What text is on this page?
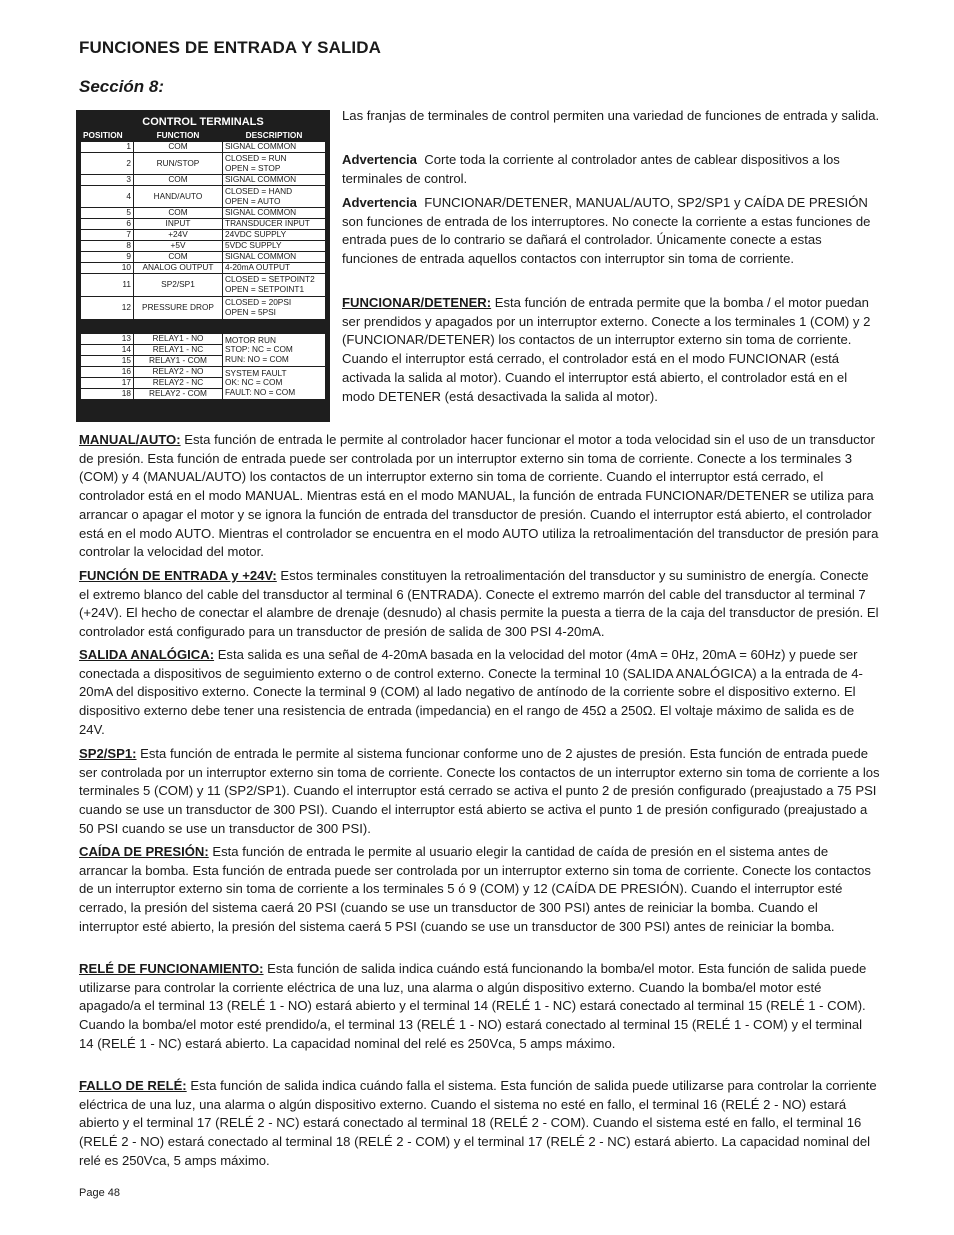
FUNCIONES DE ENTRADA Y SALIDA
Sección 8:
CONTROL TERMINALS
POSITION	FUNCTION	DESCRIPTION
1	COM	SIGNAL COMMON

2	RUN/STOP	CLOSED = RUN
OPEN = STOP

3	COM	SIGNAL COMMON

4	HAND/AUTO	CLOSED = HAND
OPEN = AUTO

5	COM	SIGNAL COMMON

6	INPUT	TRANSDUCER INPUT

7	+24V	24VDC SUPPLY

8	+5V	5VDC SUPPLY

9	COM	SIGNAL COMMON

10	ANALOG OUTPUT	4-20mA OUTPUT

11	SP2/SP1	CLOSED = SETPOINT2
OPEN = SETPOINT1

12	PRESSURE DROP	CLOSED = 20PSI
OPEN = 5PSI
13	RELAY1 - NO	MOTOR RUN
STOP: NC = COM
RUN: NO = COM

14	RELAY1 - NC	
15	RELAY1 - COM	
16	RELAY2 - NO	SYSTEM FAULT
OK: NC = COM
FAULT: NO = COM

17	RELAY2 - NC	
18	RELAY2 - COM	
Las franjas de terminales de control permiten una variedad de funciones de entrada y salida.
Advertencia Corte toda la corriente al controlador antes de cablear dispositivos a los terminales de control.
Advertencia FUNCIONAR/DETENER, MANUAL/AUTO, SP2/SP1 y CAÍDA DE PRESIÓN son funciones de entrada de los interruptores. No conecte la corriente a estas funciones de entrada pues de lo contrario se dañará el controlador. Únicamente conecte a estas funciones de entrada aquellos contactos con interruptor sin toma de corriente.
FUNCIONAR/DETENER: Esta función de entrada permite que la bomba / el motor puedan ser prendidos y apagados por un interruptor externo. Conecte a los terminales 1 (COM) y 2 (FUNCIONAR/DETENER) los contactos de un interruptor externo sin toma de corriente. Cuando el interruptor está cerrado, el controlador está en el modo FUNCIONAR (está activada la salida al motor). Cuando el interruptor está abierto, el controlador está en el modo DETENER (está desactivada la salida al motor).
MANUAL/AUTO: Esta función de entrada le permite al controlador hacer funcionar el motor a toda velocidad sin el uso de un transductor de presión. Esta función de entrada puede ser controlada por un interruptor externo sin toma de corriente. Conecte a los terminales 3 (COM) y 4 (MANUAL/AUTO) los contactos de un interruptor externo sin toma de corriente. Cuando el interruptor está cerrado, el controlador está en el modo MANUAL. Mientras está en el modo MANUAL, la función de entrada FUNCIONAR/DETENER se utiliza para arrancar o apagar el motor y se ignora la función de entrada del transductor de presión. Cuando el interruptor está abierto, el controlador está en el modo AUTO. Mientras el controlador se encuentra en el modo AUTO utiliza la retroalimentación del transductor de presión para controlar la velocidad del motor.
FUNCIÓN DE ENTRADA y +24V: Estos terminales constituyen la retroalimentación del transductor y su suministro de energía. Conecte el extremo blanco del cable del transductor al terminal 6 (ENTRADA). Conecte el extremo marrón del cable del transductor al terminal 7 (+24V). El hecho de conectar el alambre de drenaje (desnudo) al chasis permite la puesta a tierra de la caja del transductor de presión. El controlador está configurado para un transductor de presión de salida de 300 PSI 4-20mA.
SALIDA ANALÓGICA: Esta salida es una señal de 4-20mA basada en la velocidad del motor (4mA = 0Hz, 20mA = 60Hz) y puede ser conectada a dispositivos de seguimiento externo o de control externo. Conecte la terminal 10 (SALIDA ANALÓGICA) a la entrada de 4-20mA del dispositivo externo. Conecte la terminal 9 (COM) al lado negativo de antínodo de la corriente sobre el dispositivo externo. El dispositivo externo debe tener una resistencia de entrada (impedancia) en el rango de 45Ω a 250Ω. El voltaje máximo de salida es de 24V.
SP2/SP1: Esta función de entrada le permite al sistema funcionar conforme uno de 2 ajustes de presión. Esta función de entrada puede ser controlada por un interruptor externo sin toma de corriente. Conecte los contactos de un interruptor externo sin toma de corriente a los terminales 5 (COM) y 11 (SP2/SP1). Cuando el interruptor está cerrado se activa el punto 2 de presión configurado (preajustado a 75 PSI cuando se use un transductor de 300 PSI). Cuando el interruptor está abierto se activa el punto 1 de presión configurado (preajustado a 50 PSI cuando se use un transductor de 300 PSI).
CAÍDA DE PRESIÓN: Esta función de entrada le permite al usuario elegir la cantidad de caída de presión en el sistema antes de arrancar la bomba. Esta función de entrada puede ser controlada por un interruptor externo sin toma de corriente. Conecte los contactos de un interruptor externo sin toma de corriente a los terminales 5 ó 9 (COM) y 12 (CAÍDA DE PRESIÓN). Cuando el interruptor esté cerrado, la presión del sistema caerá 20 PSI (cuando se use un transductor de 300 PSI) antes de reiniciar la bomba. Cuando el interruptor esté abierto, la presión del sistema caerá 5 PSI (cuando se use un transductor de 300 PSI) antes de reiniciar la bomba.
RELÉ DE FUNCIONAMIENTO: Esta función de salida indica cuándo está funcionando la bomba/el motor. Esta función de salida puede utilizarse para controlar la corriente eléctrica de una luz, una alarma o algún dispositivo externo. Cuando la bomba/el motor esté apagado/a el terminal 13 (RELÉ 1 - NO) estará abierto y el terminal 14 (RELÉ 1 - NC) estará conectado al terminal 15 (RELÉ 1 - COM). Cuando la bomba/el motor esté prendido/a, el terminal 13 (RELÉ 1 - NO) estará conectado al terminal 15 (RELÉ 1 - COM) y el terminal 14 (RELÉ 1 - NC) estará abierto. La capacidad nominal del relé es 250Vca, 5 amps máximo.
FALLO DE RELÉ: Esta función de salida indica cuándo falla el sistema. Esta función de salida puede utilizarse para controlar la corriente eléctrica de una luz, una alarma o algún dispositivo externo. Cuando el sistema no esté en fallo, el terminal 16 (RELÉ 2 - NO) estará abierto y el terminal 17 (RELÉ 2 - NC) estará conectado al terminal 18 (RELÉ 2 - COM). Cuando el sistema esté en fallo, el terminal 16 (RELÉ 2 - NO) estará conectado al terminal 18 (RELÉ 2 - COM) y el terminal 17 (RELÉ 2 - NC) estará abierto. La capacidad nominal del relé es 250Vca, 5 amps máximo.
Page 48
